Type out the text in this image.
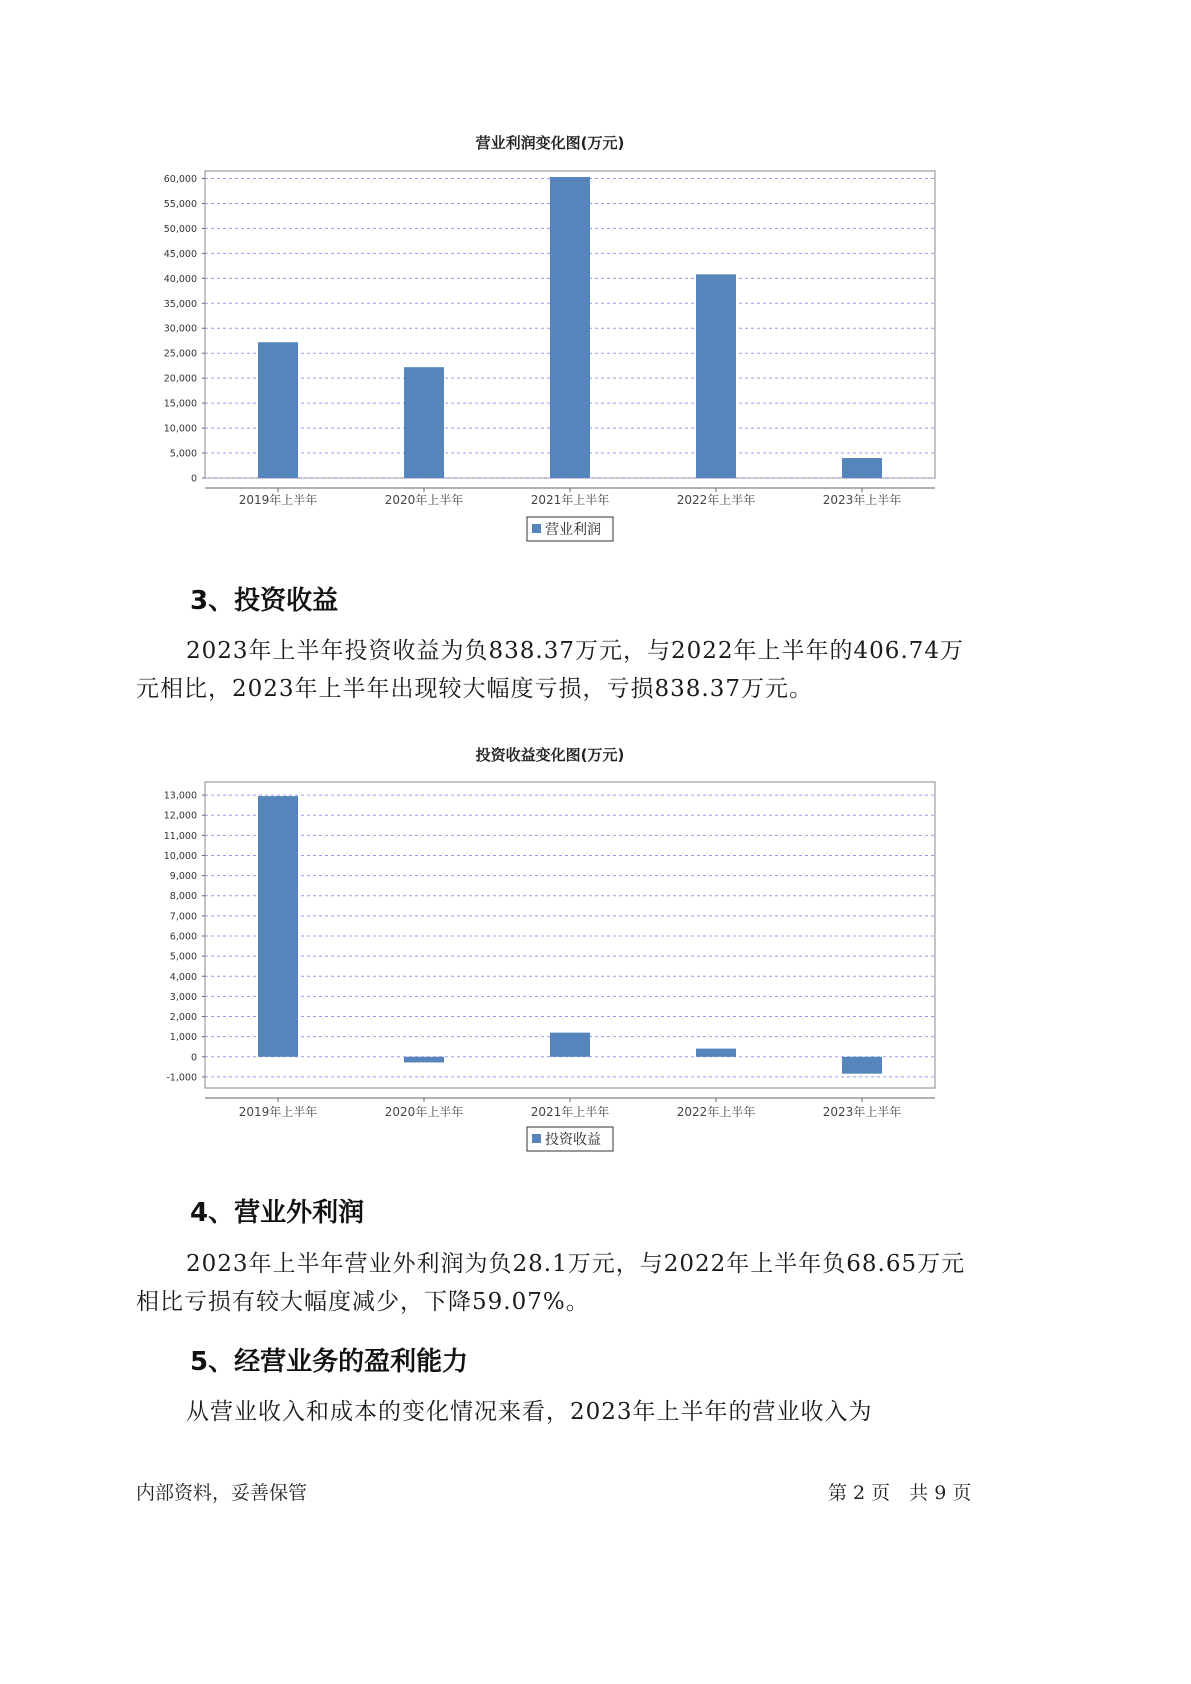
营业利润变化图(万元)
0
5,000
10,000
15,000
20,000
25,000
30,000
35,000
40,000
45,000
50,000
55,000
60,000
2019年上半年	2020年上半年	2021年上半年	2022年上半年	2023年上半年
营业利润
3、投资收益

2023年上半年投资收益为负838.37万元，与2022年上半年的406.74万元相比，2023年上半年出现较大幅度亏损，亏损838.37万元。

投资收益变化图(万元)
-1,000
0
1,000
2,000
3,000
4,000
5,000
6,000
7,000
8,000
9,000
10,000
11,000
12,000
13,000
2019年上半年	2020年上半年	2021年上半年	2022年上半年	2023年上半年
投资收益
4、营业外利润

2023年上半年营业外利润为负28.1万元，与2022年上半年负68.65万元相比亏损有较大幅度减少，下降59.07%。

5、经营业务的盈利能力

从营业收入和成本的变化情况来看，2023年上半年的营业收入为

内部资料，妥善保管	第 2 页　共 9 页
